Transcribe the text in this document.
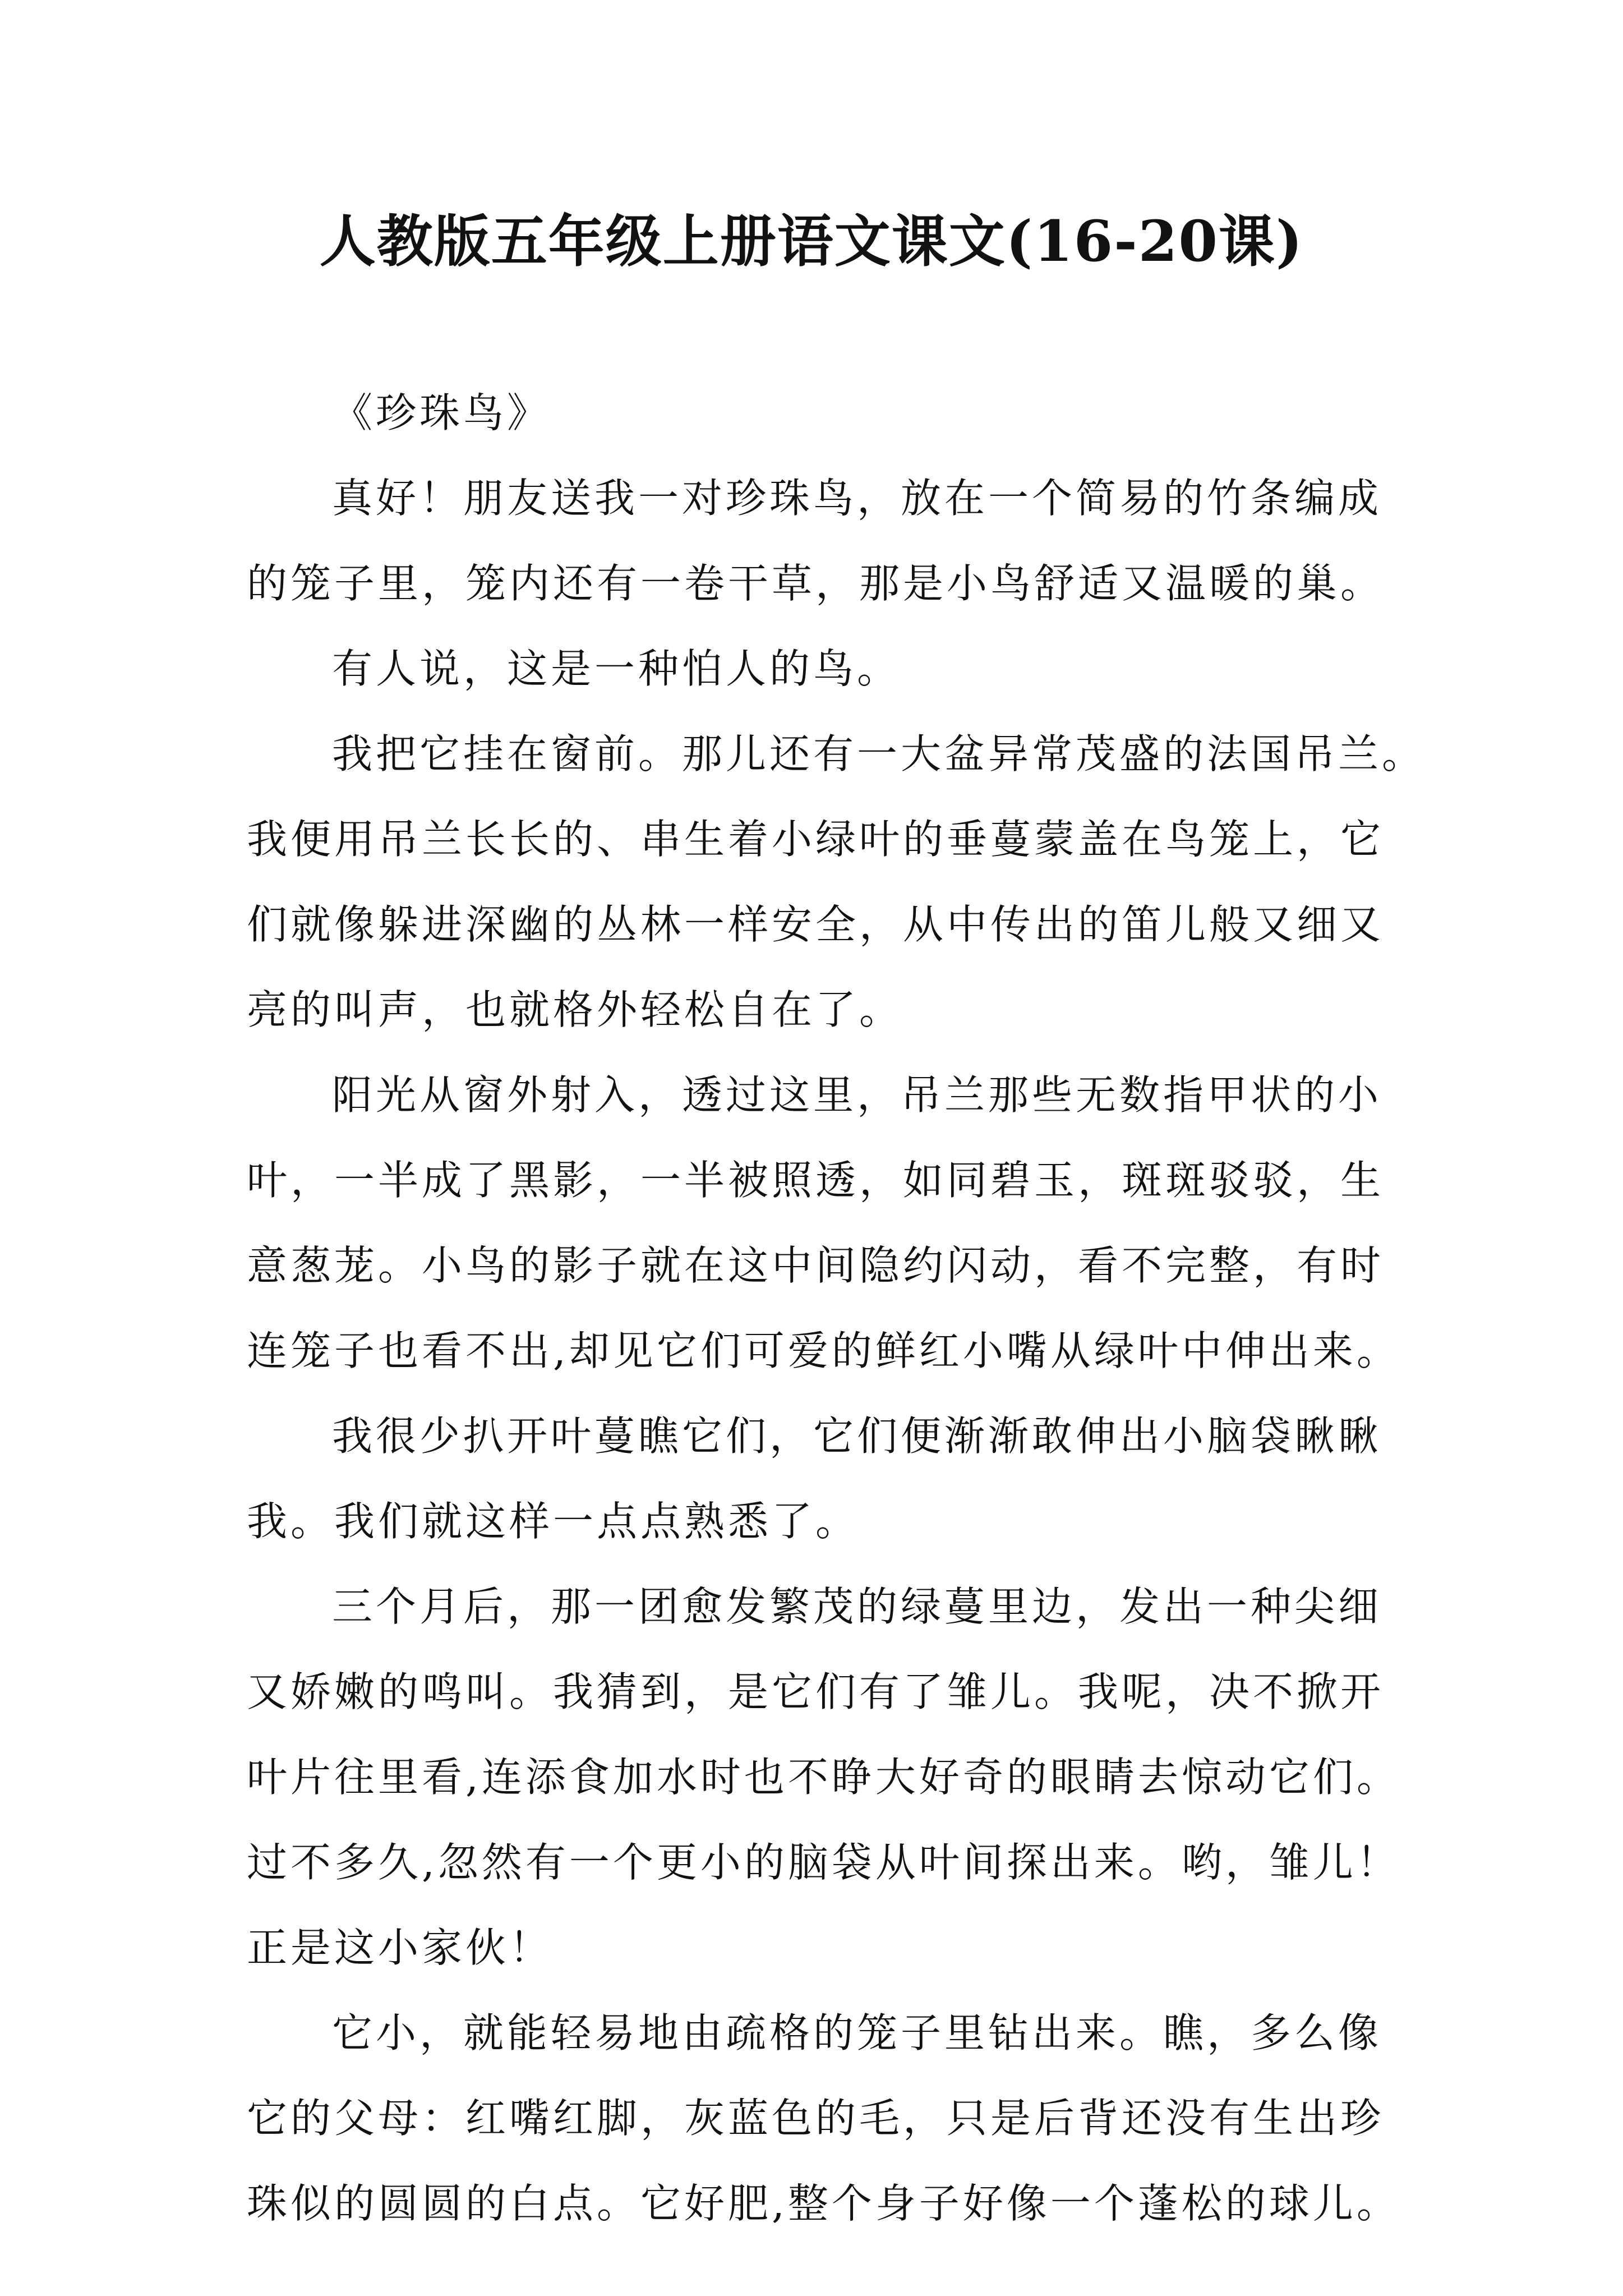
人教版五年级上册语文课文(16-20课)
《珍珠鸟》
真好！朋友送我一对珍珠鸟，放在一个简易的竹条编成
的笼子里，笼内还有一卷干草，那是小鸟舒适又温暖的巢。
有人说，这是一种怕人的鸟。
我把它挂在窗前。那儿还有一大盆异常茂盛的法国吊兰。
我便用吊兰长长的、串生着小绿叶的垂蔓蒙盖在鸟笼上，它
们就像躲进深幽的丛林一样安全，从中传出的笛儿般又细又
亮的叫声，也就格外轻松自在了。
阳光从窗外射入，透过这里，吊兰那些无数指甲状的小
叶，一半成了黑影，一半被照透，如同碧玉，斑斑驳驳，生
意葱茏。小鸟的影子就在这中间隐约闪动，看不完整，有时
连笼子也看不出,却见它们可爱的鲜红小嘴从绿叶中伸出来。
我很少扒开叶蔓瞧它们，它们便渐渐敢伸出小脑袋瞅瞅
我。我们就这样一点点熟悉了。
三个月后，那一团愈发繁茂的绿蔓里边，发出一种尖细
又娇嫩的鸣叫。我猜到，是它们有了雏儿。我呢，决不掀开
叶片往里看,连添食加水时也不睁大好奇的眼睛去惊动它们。
过不多久,忽然有一个更小的脑袋从叶间探出来。哟，雏儿！
正是这小家伙！
它小，就能轻易地由疏格的笼子里钻出来。瞧，多么像
它的父母：红嘴红脚，灰蓝色的毛，只是后背还没有生出珍
珠似的圆圆的白点。它好肥,整个身子好像一个蓬松的球儿。
